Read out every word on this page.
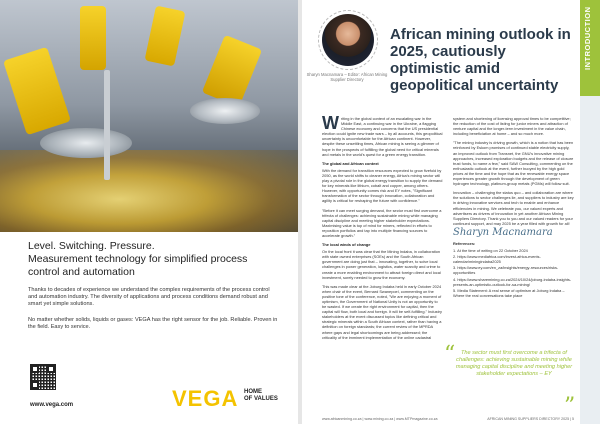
Level. Switching. Pressure.
Measurement technology for simplified process
control and automation

Thanks to decades of experience we understand the complex requirements of the process control and automation industry. The diversity of applications and process conditions demand robust and smart yet simple solutions.

No matter whether solids, liquids or gases: VEGA has the right sensor for the job. Reliable. Proven in the field. Easy to service.

www.vega.com	VEGA HOME
OF VALUES
INTRODUCTION
Sharyn Macnamara – Editor: African Mining Supplier Directory
African mining outlook in 2025, cautiously optimistic amid geopolitical uncertainty

W riting in the global context of an escalating war in the Middle East, a continuing war in the Ukraine, a flagging Chinese economy and concerns that the US presidential election could ignite new trade wars – by all accounts, this geopolitical uncertainty is uncomfortable for the African continent. However, despite these unsettling times, African mining is seeing a glimmer of hope in the prospects of fulfilling the global need for critical minerals and metals in the world's quest for a green energy transition.

The global and African context

With the demand for transition resources expected to grow fivefold by 2050, as the world shifts to cleaner energy, Africa's mining sector will play a pivotal role in the global energy transition to supply the demand for key minerals like lithium, cobalt and copper, among others. However, with opportunity comes risk and EY notes, "Significant transformation of the sector through innovation, collaboration and agility is critical for reshaping the future with confidence."

"Before it can meet surging demand, the sector must first overcome a trifecta of challenges: achieving sustainable mining while managing capital discipline and meeting higher stakeholder expectations. Maximising value is top of mind for miners, reflected in efforts to reposition portfolios and tap into multiple financing sources to accelerate growth."

The local winds of change

On the local front it was clear that the Mining Indaba, in collaboration with state owned enterprises (SOEs) and the South African government are doing just that – innovating, together, to solve local challenges in power generation, logistics, water scarcity and crime to create a more enabling environment to attract foreign direct and local investment, sorely needed to grow the economy.

This was made clear at the Joburg Indaba held in early October 2024 when chair of the event, Bernard Swanepoel, commenting on the positive tone of the conference, noted, "We are enjoying a moment of optimism, the Government of National Unity is not an opportunity to be wasted. If we create the right environment for capital, then the capital will flow, both local and foreign. It will be self-fulfilling." Industry stakeholders at the event discussed topics like defining critical and strategic minerals within a South African context, rather than having a definition on foreign standards; the current review of the MPRDA where gaps and legal shortcomings are being addressed; the criticality of the imminent implementation of the online cadastral

system and shortening of licensing approval times to be competitive; the reduction of the cost of listing for junior miners and attraction of venture capital and the longer-term investment in the value chain, including beneficiation at home – and so much more.

"The mining industry is driving growth, which is a notion that has been reinforced by Eskom promises of continued stable electricity supply, an improved outlook from Transnet, the GNU's innovative mining approaches, increased exploration budgets and the release of closure trust funds, to name a few," said SAW Consulting, commenting on the enthusiastic outlook at the event, further buoyed by the high gold prices at the time and the hope that as the renewable energy space experiences greater growth through the development of green hydrogen technology, platinum-group metals (PGMs) will follow suit.

Innovation – challenging the status quo – and collaboration are where the solutions to sector challenges lie, and suppliers to industry are key in driving innovative services and tech to enable and enhance efficiencies in mining. We celebrate you, our valued experts and advertisers as drivers of innovation in yet another African Mining Suppliers Directory. Thank you to you and our valued readers for your continued support, and may 2025 be a year filled with growth for all!

Sharyn Macnamara
References:
1. At the time of writing on 22 October 2024
2. https://www.mediafrica.com/invest-africa-events-calendar/miningindaba2025
3. https://www.ey.com/en_za/insights/energy-resources/risks-opportunities
4. https://www.sharemining.co.za/2024/10/24/joburg-indaba-insights-presents-an-optimistic-outlook-for-sa-mining/
5. Media Statement: A real sense of optimism at Joburg Indaba – Where the real conversations take place
“	The sector must first overcome a trifecta of challenges: achieving sustainable mining while managing capital discipline and meeting higher stakeholder expectations – EY
”
www.africanmining.co.za | www.mining.co.za | www.MTPmagazine.co.za	AFRICAN MINING SUPPLIERS DIRECTORY 2025 | 5
